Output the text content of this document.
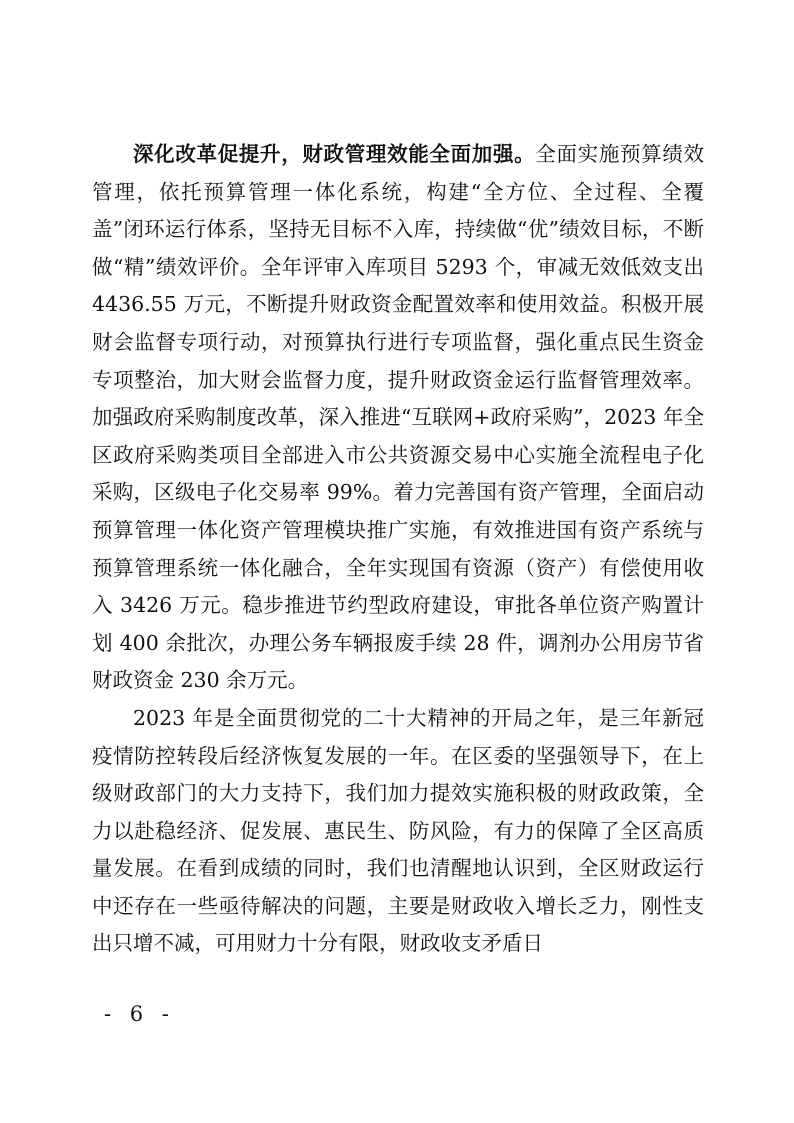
深化改革促提升，财政管理效能全面加强。全面实施预算绩效管理，依托预算管理一体化系统，构建“全方位、全过程、全覆盖”闭环运行体系，坚持无目标不入库，持续做“优”绩效目标，不断做“精”绩效评价。全年评审入库项目 5293 个，审减无效低效支出 4436.55 万元，不断提升财政资金配置效率和使用效益。积极开展财会监督专项行动，对预算执行进行专项监督，强化重点民生资金专项整治，加大财会监督力度，提升财政资金运行监督管理效率。加强政府采购制度改革，深入推进“互联网+政府采购”，2023 年全区政府采购类项目全部进入市公共资源交易中心实施全流程电子化采购，区级电子化交易率 99%。着力完善国有资产管理，全面启动预算管理一体化资产管理模块推广实施，有效推进国有资产系统与预算管理系统一体化融合，全年实现国有资源（资产）有偿使用收入 3426 万元。稳步推进节约型政府建设，审批各单位资产购置计划 400 余批次，办理公务车辆报废手续 28 件，调剂办公用房节省财政资金 230 余万元。

2023 年是全面贯彻党的二十大精神的开局之年，是三年新冠疫情防控转段后经济恢复发展的一年。在区委的坚强领导下，在上级财政部门的大力支持下，我们加力提效实施积极的财政政策，全力以赴稳经济、促发展、惠民生、防风险，有力的保障了全区高质量发展。在看到成绩的同时，我们也清醒地认识到，全区财政运行中还存在一些亟待解决的问题，主要是财政收入增长乏力，刚性支出只增不减，可用财力十分有限，财政收支矛盾日

- 6 -
